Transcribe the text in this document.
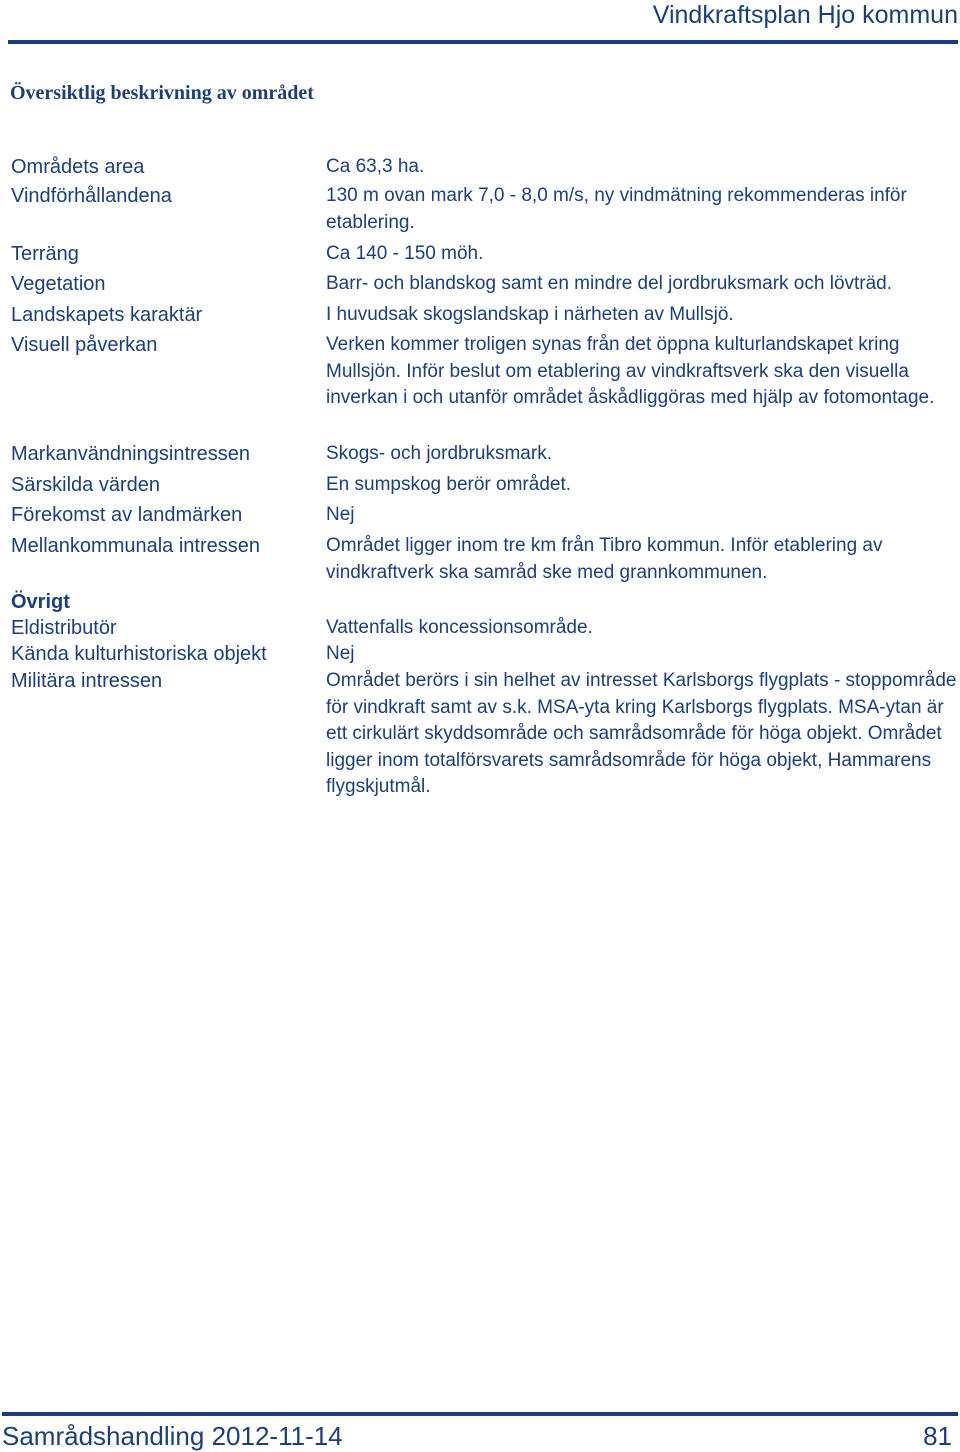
Vindkraftsplan Hjo kommun
Översiktlig beskrivning av området
Områdets area	Ca 63,3 ha.
Vindförhållandena	130 m ovan mark 7,0 - 8,0 m/s, ny vindmätning rekommenderas inför etablering.
Terräng	Ca 140 - 150 möh.
Vegetation	Barr- och blandskog samt en mindre del jordbruksmark och lövträd.
Landskapets karaktär	I huvudsak skogslandskap i närheten av Mullsjö.
Visuell påverkan	Verken kommer troligen synas från det öppna kulturlandskapet kring Mullsjön. Inför beslut om etablering av vindkraftsverk ska den visuella inverkan i och utanför området åskådliggöras med hjälp av fotomontage.
Markanvändningsintressen	Skogs- och jordbruksmark.
Särskilda värden	En sumpskog berör området.
Förekomst av landmärken	Nej
Mellankommunala intressen	Området ligger inom tre km från Tibro kommun. Inför etablering av vindkraftverk ska samråd ske med grannkommunen.
Övrigt
Eldistributör	Vattenfalls koncessionsområde.
Kända kulturhistoriska objekt	Nej
Militära intressen	Området berörs i sin helhet av intresset Karlsborgs flygplats - stoppområde för vindkraft samt av s.k. MSA-yta kring Karlsborgs flygplats. MSA-ytan är ett cirkulärt skyddsområde och samrådsområde för höga objekt. Området ligger inom totalförsvarets samrådsområde för höga objekt, Hammarens flygskjutmål.
Samrådshandling 2012-11-14	81
